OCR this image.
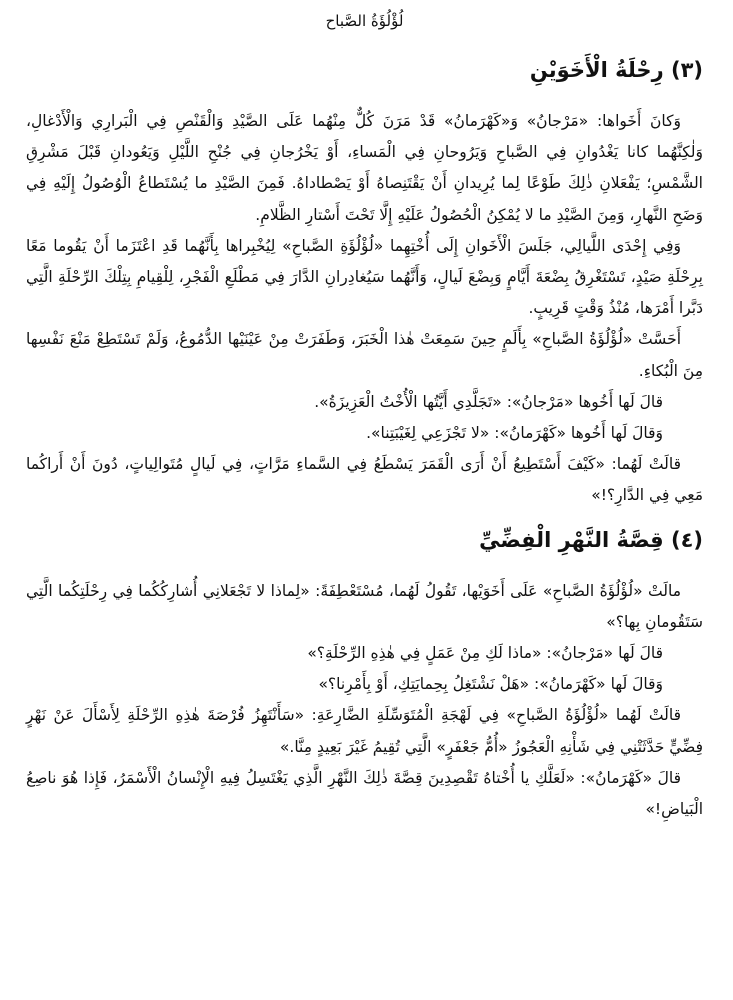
لُؤْلُؤَةُ الصَّباح
(٣) رِحْلَةُ الْأَخَوَيْنِ

وَكانَ أَخَواها: «مَرْجانُ» وَ«كَهْرَمانُ» قَدْ مَرَنَ كُلٌّ مِنْهُما عَلَى الصَّيْدِ وَالْقَنْصِ فِي الْبَرارِي وَالْأَدْغالِ، وَلٰكِنَّهُما كانا يَغْدُوانِ فِي الصَّباحِ وَيَرُوحانِ فِي الْمَساءِ، أَوْ يَخْرُجانِ فِي جُنْحِ اللَّيْلِ وَيَعُودانِ قَبْلَ مَشْرِقِ الشَّمْسِ؛ يَفْعَلانِ ذٰلِكَ طَوْعًا لِما يُرِيدانِ أَنْ يَقْتَنِصاهُ أَوْ يَصْطاداهُ. فَمِنَ الصَّيْدِ ما يُسْتَطاعُ الْوُصُولُ إِلَيْهِ فِي وَضَحِ النَّهارِ، وَمِنَ الصَّيْدِ ما لا يُمْكِنُ الْحُصُولُ عَلَيْهِ إِلَّا تَحْتَ أَسْتارِ الظَّلامِ.

وَفِي إِحْدَى اللَّيالِي، جَلَسَ الْأَخَوانِ إِلَى أُخْتِهِما «لُؤْلُؤَةِ الصَّباحِ» لِيُخْبِراها بِأَنَّهُما قَدِ اعْتَزَما أَنْ يَقُوما مَعًا بِرِحْلَةِ صَيْدٍ، تَسْتَغْرِقُ بِضْعَةَ أَيَّامٍ وَبِضْعَ لَيالٍ، وَأَنَّهُما سَيُغادِرانِ الدَّارَ فِي مَطْلَعِ الْفَجْرِ، لِلْقِيامِ بِتِلْكَ الرِّحْلَةِ الَّتِي دَبَّرا أَمْرَها، مُنْذُ وَقْتٍ قَرِيبٍ.

أَحَسَّتْ «لُؤْلُؤَةُ الصَّباحِ» بِأَلَمٍ حِينَ سَمِعَتْ هٰذا الْخَبَرَ، وَطَفَرَتْ مِنْ عَيْنَيْها الدُّمُوعُ، وَلَمْ تَسْتَطِعْ مَنْعَ نَفْسِها مِنَ الْبُكاءِ.

قالَ لَها أَخُوها «مَرْجانُ»: «تَجَلَّدِي أَيَّتُها الْأُخْتُ الْعَزِيزَةُ».

وَقالَ لَها أَخُوها «كَهْرَمانُ»: «لا تَجْزَعِي لِغَيْبَتِنا».

قالَتْ لَهُما: «كَيْفَ أَسْتَطِيعُ أَنْ أَرَى الْقَمَرَ يَسْطَعُ فِي السَّماءِ مَرَّاتٍ، فِي لَيالٍ مُتَوالِياتٍ، دُونَ أَنْ أَراكُما مَعِي فِي الدَّارِ؟!»

(٤) قِصَّةُ النَّهْرِ الْفِضِّيِّ

مالَتْ «لُؤْلُؤَةُ الصَّباحِ» عَلَى أَخَوَيْها، تَقُولُ لَهُما، مُسْتَعْطِفَةً: «لِماذا لا تَجْعَلانِي أُشارِكُكُما فِي رِحْلَتِكُما الَّتِي سَتَقُومانِ بِها؟»

قالَ لَها «مَرْجانُ»: «ماذا لَكِ مِنْ عَمَلٍ فِي هٰذِهِ الرِّحْلَةِ؟»

وَقالَ لَها «كَهْرَمانُ»: «هَلْ نَشْتَغِلُ بِحِمايَتِكِ، أَوْ بِأَمْرِنا؟»

قالَتْ لَهُما «لُؤْلُؤَةُ الصَّباحِ» فِي لَهْجَةِ الْمُتَوَسِّلَةِ الضَّارِعَةِ: «سَأَنْتَهِزُ فُرْصَةَ هٰذِهِ الرِّحْلَةِ لِأَسْأَلَ عَنْ نَهْرٍ فِضِّيٍّ حَدَّثَتْنِي فِي شَأْنِهِ الْعَجُوزُ «أُمُّ جَعْفَرٍ» الَّتِي تُقِيمُ غَيْرَ بَعِيدٍ مِنَّا.»

قالَ «كَهْرَمانُ»: «لَعَلَّكِ يا أُخْتاهُ تَقْصِدِينَ قِصَّةَ ذٰلِكَ النَّهْرِ الَّذِي يَغْتَسِلُ فِيهِ الْإِنْسانُ الْأَسْمَرُ، فَإِذا هُوَ ناصِعُ الْبَياضِ!»
